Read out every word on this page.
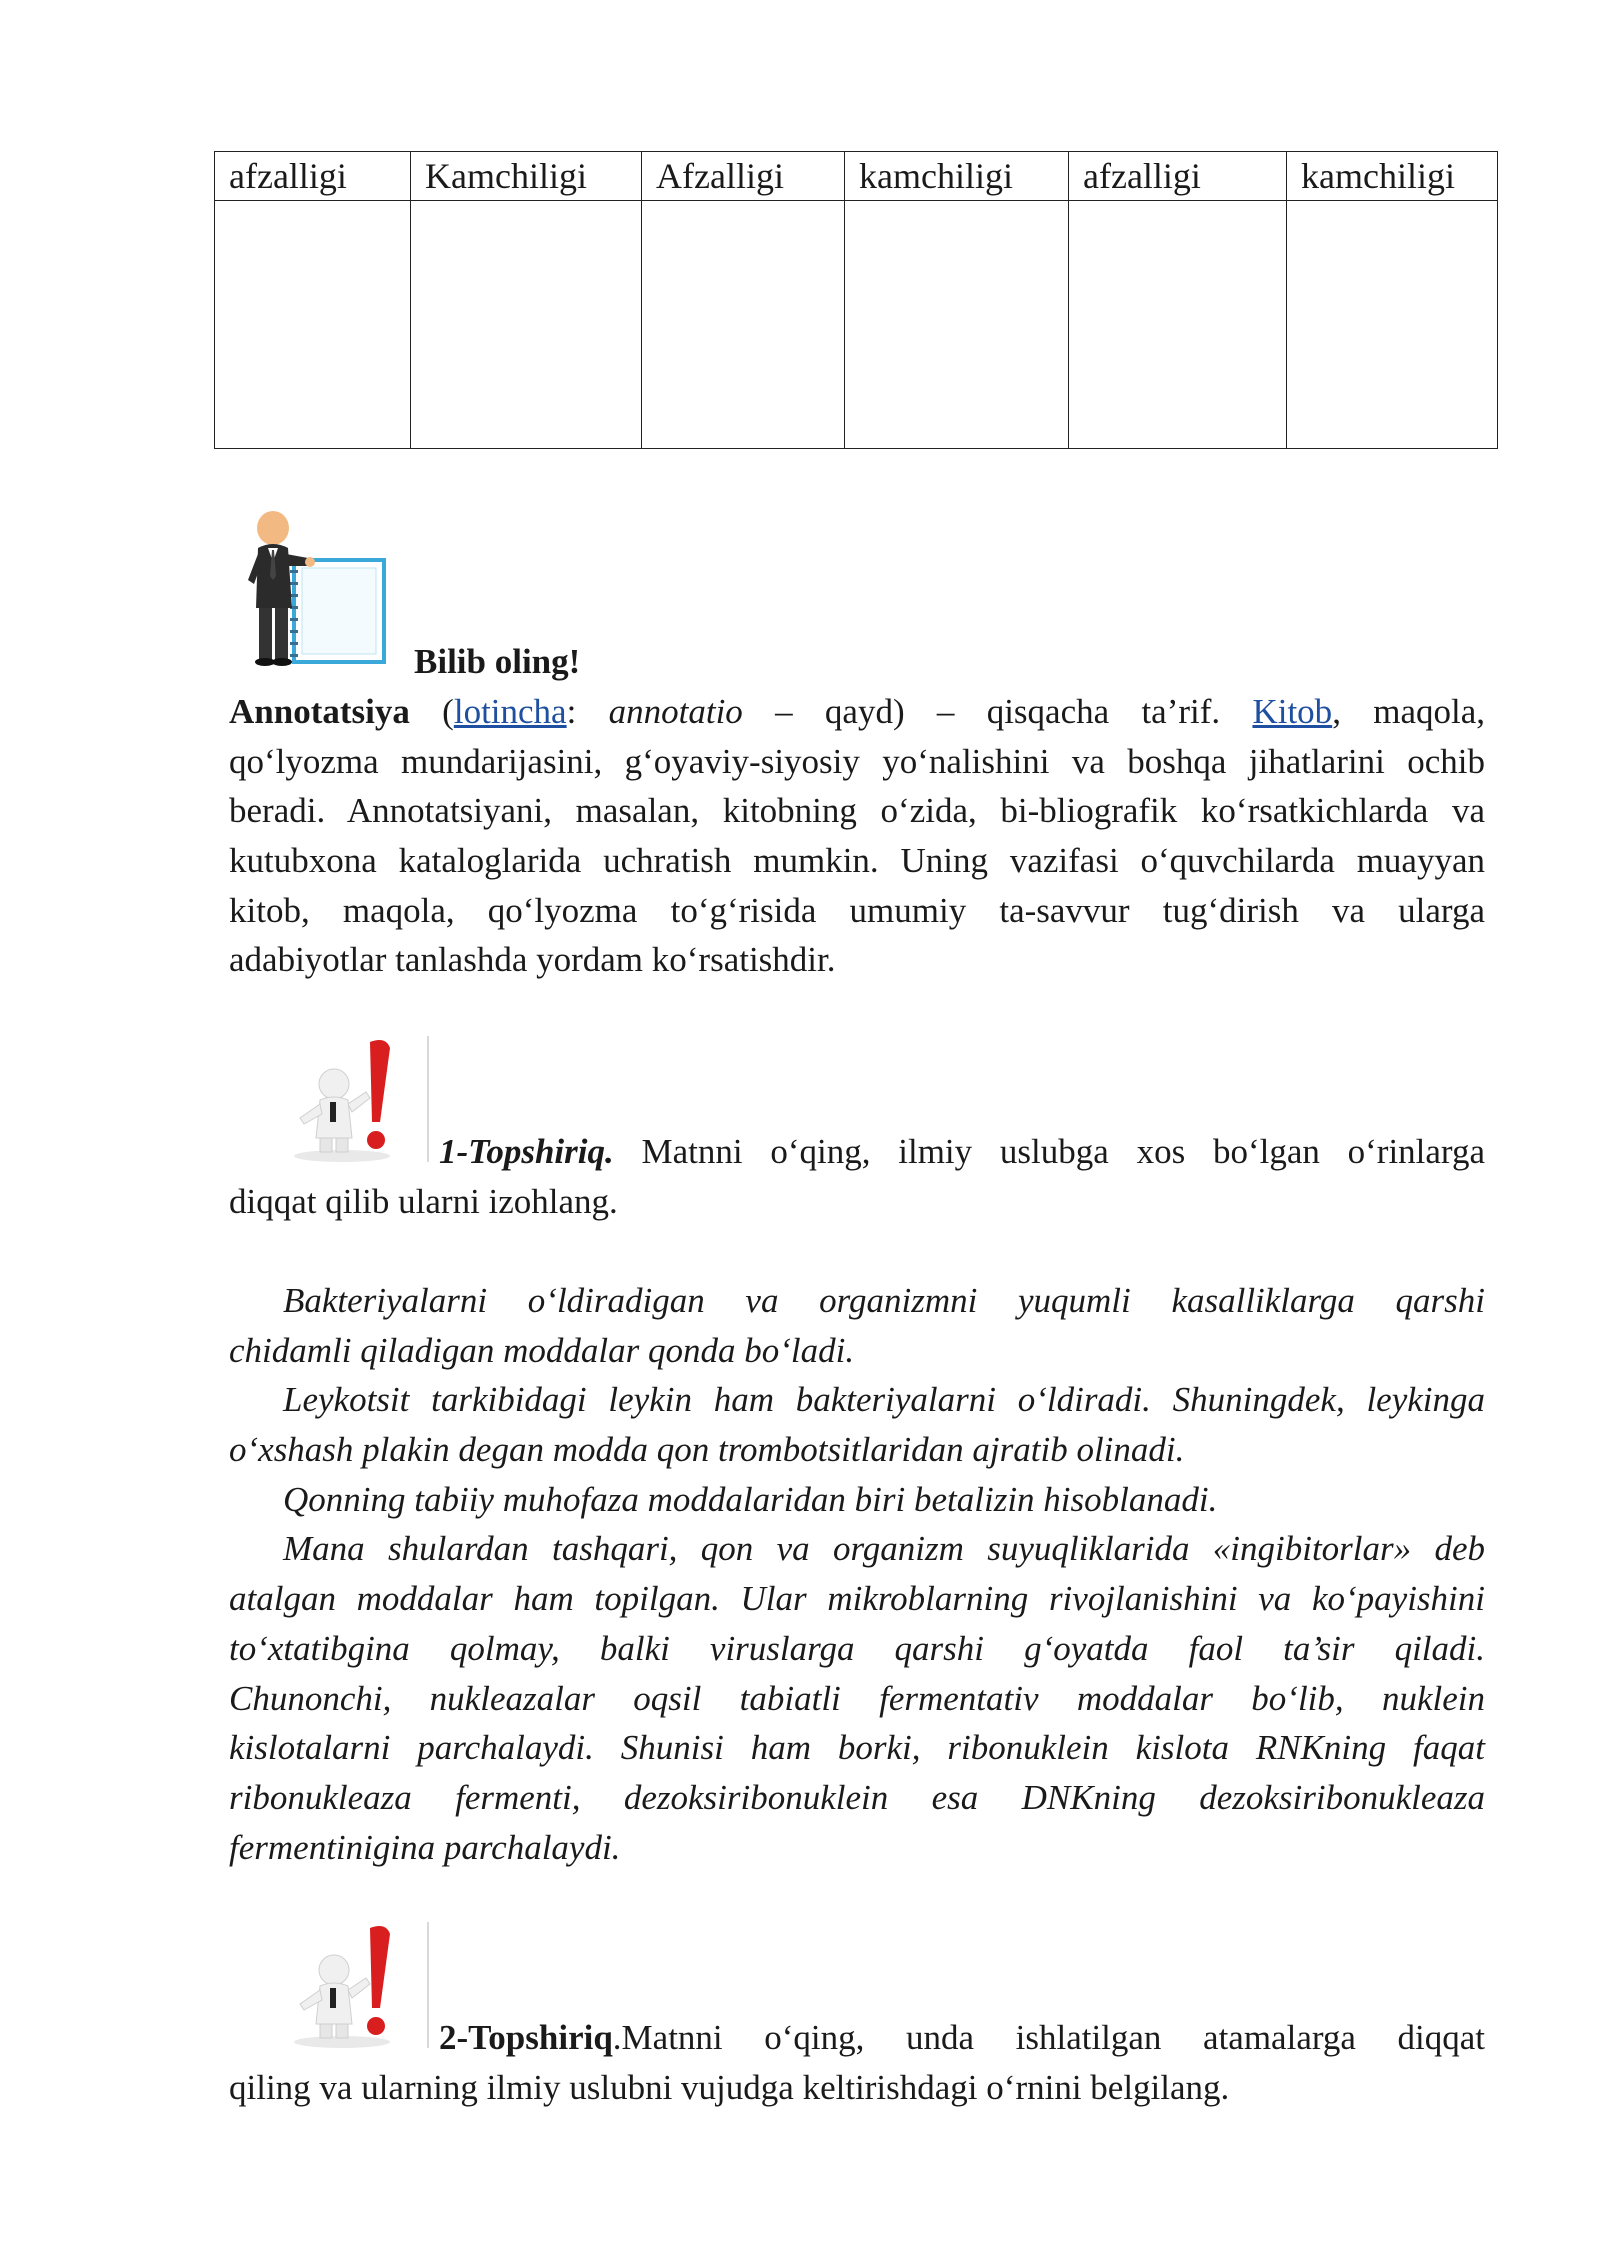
afzalligi	Kamchiligi	Afzalligi	kamchiligi	afzalligi	kamchiligi

Bilib oling!
Annotatsiya (lotincha: annotatio – qayd) – qisqacha ta’rif. Kitob, maqola,
qo‘lyozma mundarijasini, g‘oyaviy-siyosiy yo‘nalishini va boshqa jihatlarini ochib
beradi. Annotatsiyani, masalan, kitobning o‘zida, bi-bliografik ko‘rsatkichlarda va
kutubxona kataloglarida uchratish mumkin. Uning vazifasi o‘quvchilarda muayyan
kitob, maqola, qo‘lyozma to‘g‘risida umumiy ta-savvur tug‘dirish va ularga
adabiyotlar tanlashda yordam ko‘rsatishdir.
1-Topshiriq. Matnni o‘qing, ilmiy uslubga xos bo‘lgan o‘rinlarga
diqqat qilib ularni izohlang.
Bakteriyalarni o‘ldiradigan va organizmni yuqumli kasalliklarga qarshi
chidamli qiladigan moddalar qonda bo‘ladi.
Leykotsit tarkibidagi leykin ham bakteriyalarni o‘ldiradi. Shuningdek, leykinga
o‘xshash plakin degan modda qon trombotsitlaridan ajratib olinadi.
Qonning tabiiy muhofaza moddalaridan biri betalizin hisoblanadi.
Mana shulardan tashqari, qon va organizm suyuqliklarida «ingibitorlar» deb
atalgan moddalar ham topilgan. Ular mikroblarning rivojlanishini va ko‘payishini
to‘xtatibgina qolmay, balki viruslarga qarshi g‘oyatda faol ta’sir qiladi.
Chunonchi, nukleazalar oqsil tabiatli fermentativ moddalar bo‘lib, nuklein
kislotalarni parchalaydi. Shunisi ham borki, ribonuklein kislota RNKning faqat
ribonukleaza fermenti, dezoksiribonuklein esa DNKning dezoksiribonukleaza
fermentinigina parchalaydi.
2-Topshiriq.Matnni o‘qing, unda ishlatilgan atamalarga diqqat
qiling va ularning ilmiy uslubni vujudga keltirishdagi o‘rnini belgilang.
